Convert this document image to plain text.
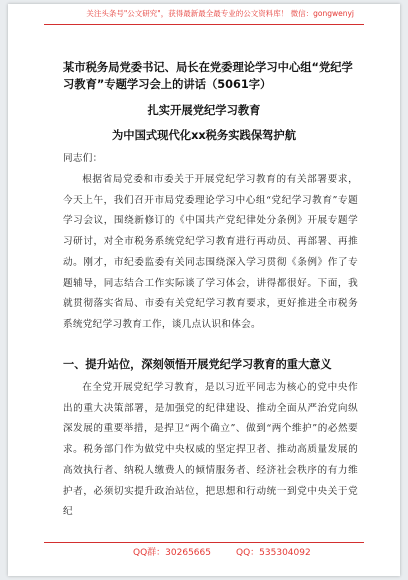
关注头条号"公文研究"，获得最新最全最专业的公文资料库！ 微信：gongwenyj
某市税务局党委书记、局长在党委理论学习中心组“党纪学习教育”专题学习会上的讲话（5061字）
扎实开展党纪学习教育
为中国式现代化xx税务实践保驾护航
同志们：
根据省局党委和市委关于开展党纪学习教育的有关部署要求，今天上午，我们召开市局党委理论学习中心组“党纪学习教育”专题学习会议，围绕新修订的《中国共产党纪律处分条例》开展专题学习研讨，对全市税务系统党纪学习教育进行再动员、再部署、再推动。刚才，市纪委监委有关同志围绕深入学习贯彻《条例》作了专题辅导，同志结合工作实际谈了学习体会，讲得都很好。下面，我就贯彻落实省局、市委有关党纪学习教育要求，更好推进全市税务系统党纪学习教育工作，谈几点认识和体会。
一、提升站位，深刻领悟开展党纪学习教育的重大意义
在全党开展党纪学习教育，是以习近平同志为核心的党中央作出的重大决策部署，是加强党的纪律建设、推动全面从严治党向纵深发展的重要举措，是捍卫“两个确立”、做到“两个维护”的必然要求。税务部门作为做党中央权威的坚定捍卫者、推动高质量发展的高效执行者、纳税人缴费人的倾情服务者、经济社会秩序的有力维护者，必须切实提升政治站位，把思想和行动统一到党中央关于党纪
QQ群：30265665	QQ：535304092
